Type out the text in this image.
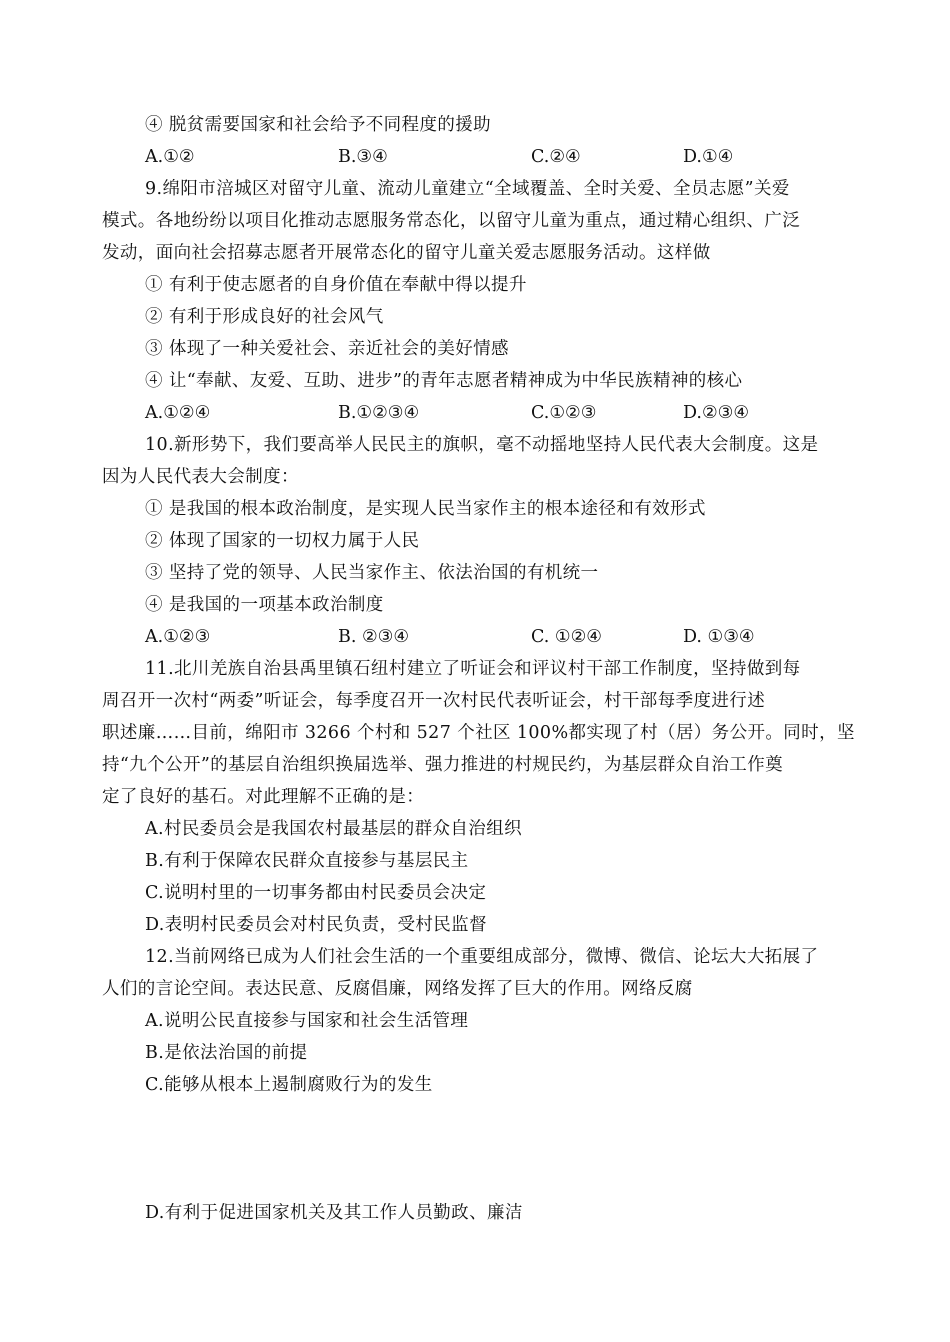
④ 脱贫需要国家和社会给予不同程度的援助
A.①②	B.③④	C.②④	D.①④
9.绵阳市涪城区对留守儿童、流动儿童建立“全域覆盖、全时关爱、全员志愿”关爱
模式。各地纷纷以项目化推动志愿服务常态化，以留守儿童为重点，通过精心组织、广泛
发动，面向社会招募志愿者开展常态化的留守儿童关爱志愿服务活动。这样做
① 有利于使志愿者的自身价值在奉献中得以提升
② 有利于形成良好的社会风气
③ 体现了一种关爱社会、亲近社会的美好情感
④ 让“奉献、友爱、互助、进步”的青年志愿者精神成为中华民族精神的核心
A.①②④	B.①②③④	C.①②③	D.②③④
10.新形势下，我们要高举人民民主的旗帜，毫不动摇地坚持人民代表大会制度。这是
因为人民代表大会制度：
① 是我国的根本政治制度，是实现人民当家作主的根本途径和有效形式
② 体现了国家的一切权力属于人民
③ 坚持了党的领导、人民当家作主、依法治国的有机统一
④ 是我国的一项基本政治制度
A.①②③	B. ②③④	C. ①②④	D. ①③④
11.北川羌族自治县禹里镇石纽村建立了听证会和评议村干部工作制度，坚持做到每
周召开一次村“两委”听证会，每季度召开一次村民代表听证会，村干部每季度进行述
职述廉……目前，绵阳市 3266 个村和 527 个社区 100%都实现了村（居）务公开。同时，坚
持“九个公开”的基层自治组织换届选举、强力推进的村规民约，为基层群众自治工作奠
定了良好的基石。对此理解不正确的是：
A.村民委员会是我国农村最基层的群众自治组织
B.有利于保障农民群众直接参与基层民主
C.说明村里的一切事务都由村民委员会决定
D.表明村民委员会对村民负责，受村民监督
12.当前网络已成为人们社会生活的一个重要组成部分，微博、微信、论坛大大拓展了
人们的言论空间。表达民意、反腐倡廉，网络发挥了巨大的作用。网络反腐
A.说明公民直接参与国家和社会生活管理
B.是依法治国的前提
C.能够从根本上遏制腐败行为的发生
D.有利于促进国家机关及其工作人员勤政、廉洁
